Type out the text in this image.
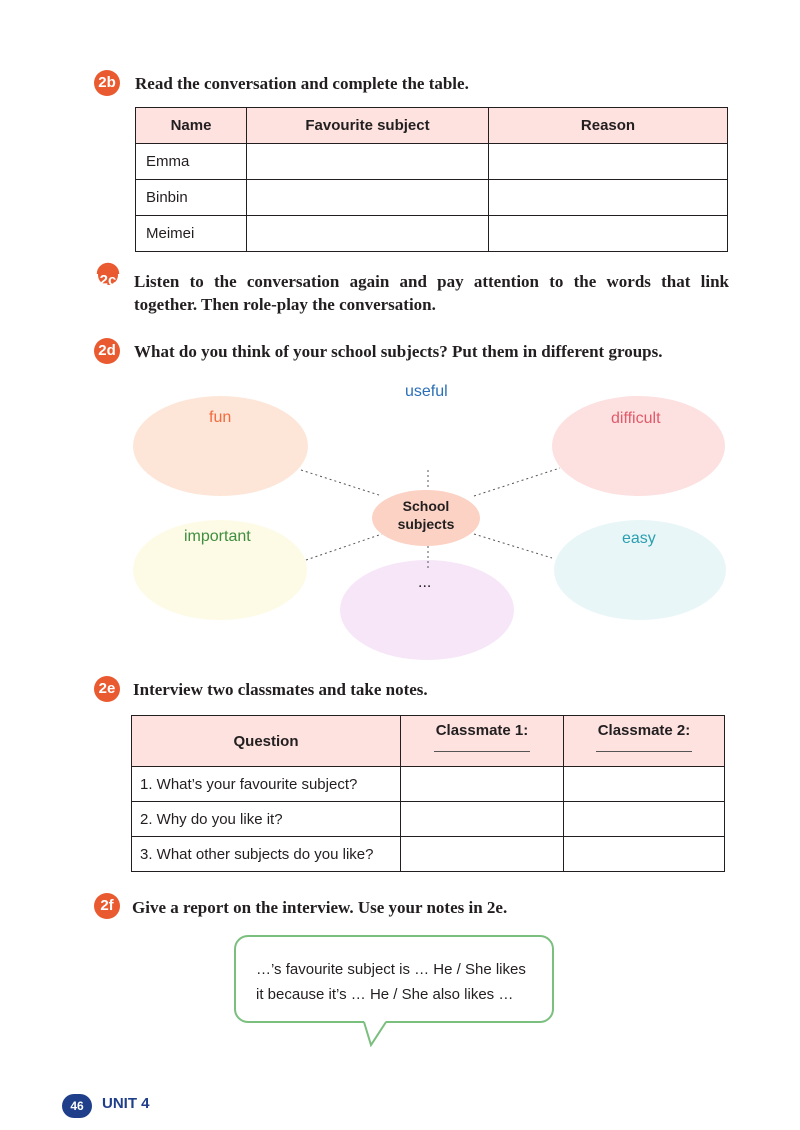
2b Read the conversation and complete the table.
Name	Favourite subject	Reason
Emma		
Binbin		
Meimei		
2c Listen to the conversation again and pay attention to the words that link
together. Then role-play the conversation.
2d What do you think of your school subjects? Put them in different groups.
School
subjects
useful
fun	difficult
important	easy
...
2e Interview two classmates and take notes.
Question	Classmate 1:	Classmate 2:

1. What’s your favourite subject?		
2. Why do you like it?		
3. What other subjects do you like?		
2f	Give a report on the interview. Use your notes in 2e.
…’s favourite subject is … He / She likes
it because it’s … He / She also likes …
46	UNIT 4
